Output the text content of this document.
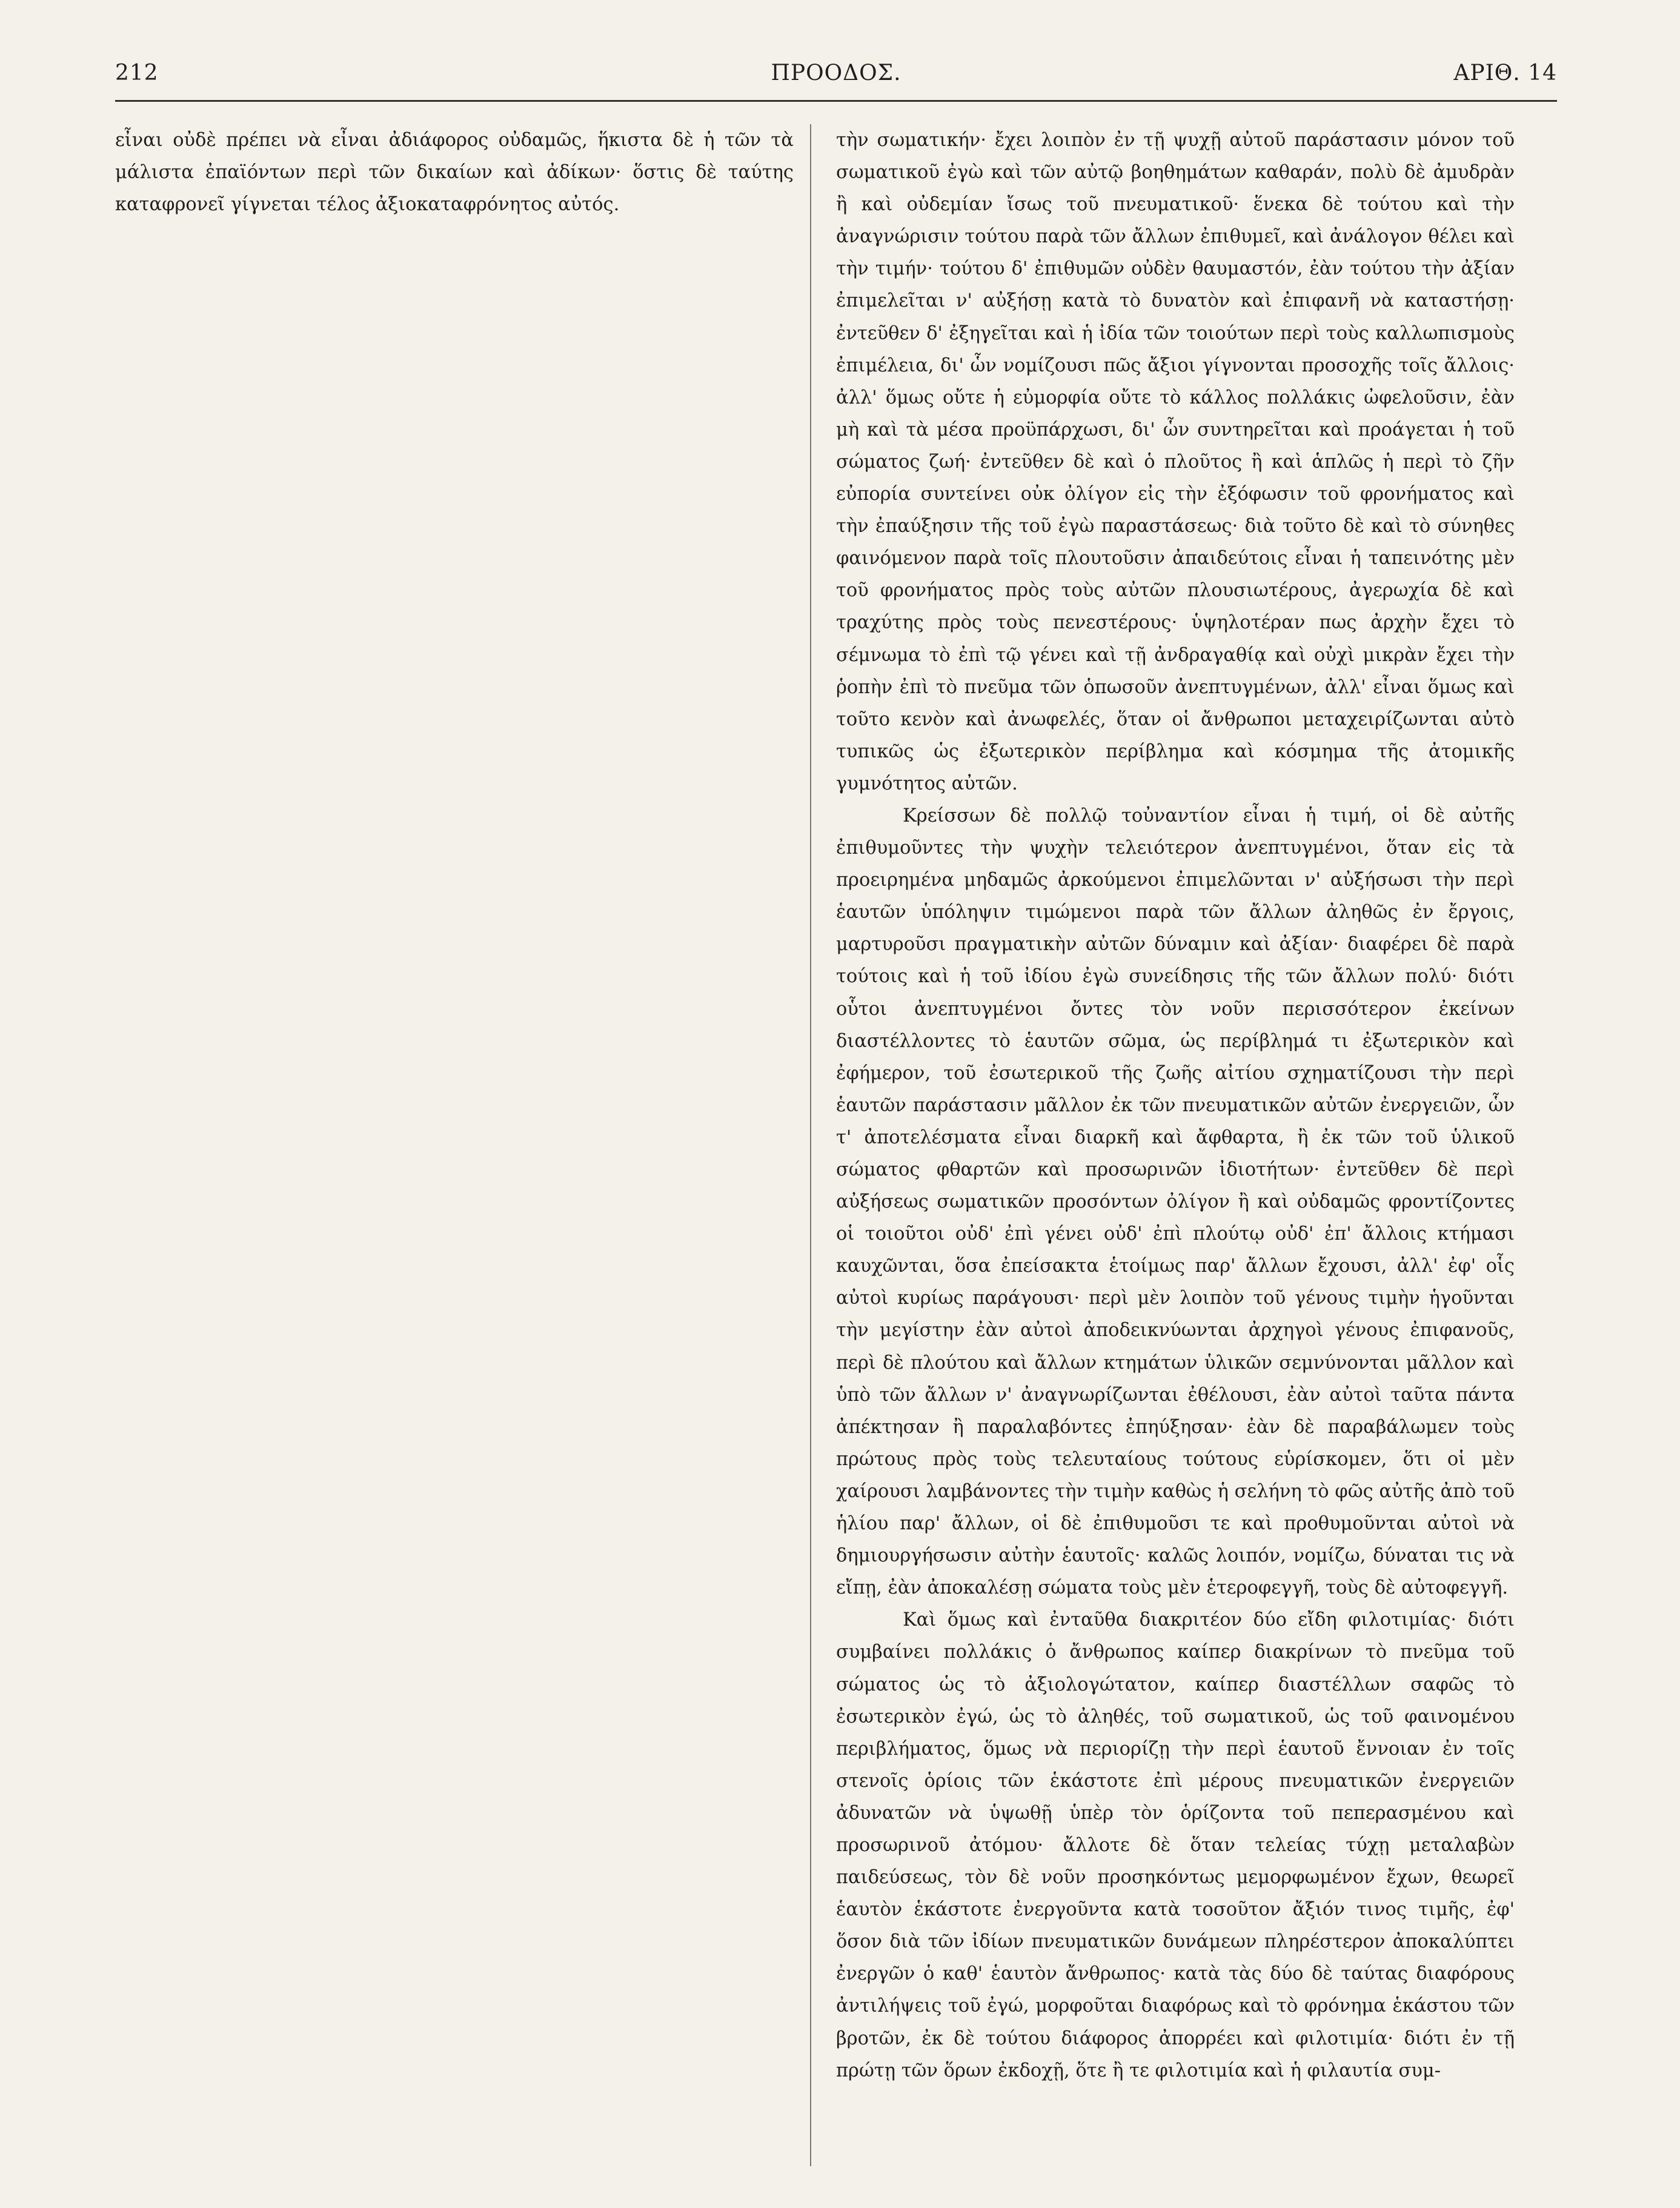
212	ΠΡΟΟΔΟΣ.	ΑΡΙΘ. 14

εἶναι οὐδὲ πρέπει νὰ εἶναι ἀδιάφορος οὐδαμῶς, ἥκιστα δὲ ἡ τῶν τὰ μάλιστα ἐπαϊόντων περὶ τῶν δικαίων καὶ ἀδίκων· ὅστις δὲ ταύτης καταφρονεῖ γίγνεται τέλος ἀξιοκαταφρόνητος αὐτός.

τὴν σωματικήν· ἔχει λοιπὸν ἐν τῇ ψυχῇ αὐτοῦ παράστασιν μόνον τοῦ σωματικοῦ ἐγὼ καὶ τῶν αὐτῷ βοηθημάτων καθαράν, πολὺ δὲ ἀμυδρὰν ἢ καὶ οὐδεμίαν ἴσως τοῦ πνευματικοῦ· ἕνεκα δὲ τούτου καὶ τὴν ἀναγνώρισιν τούτου παρὰ τῶν ἄλλων ἐπιθυμεῖ, καὶ ἀνάλογον θέλει καὶ τὴν τιμήν· τούτου δ' ἐπιθυμῶν οὐδὲν θαυμαστόν, ἐὰν τούτου τὴν ἀξίαν ἐπιμελεῖται ν' αὐξήσῃ κατὰ τὸ δυνατὸν καὶ ἐπιφανῆ νὰ καταστήσῃ· ἐντεῦθεν δ' ἐξηγεῖται καὶ ἡ ἰδία τῶν τοιούτων περὶ τοὺς καλλωπισμοὺς ἐπιμέλεια, δι' ὧν νομίζουσι πῶς ἄξιοι γίγνονται προσοχῆς τοῖς ἄλλοις· ἀλλ' ὅμως οὔτε ἡ εὐμορφία οὔτε τὸ κάλλος πολλάκις ὠφελοῦσιν, ἐὰν μὴ καὶ τὰ μέσα προϋπάρχωσι, δι' ὧν συντηρεῖται καὶ προάγεται ἡ τοῦ σώματος ζωή· ἐντεῦθεν δὲ καὶ ὁ πλοῦτος ἢ καὶ ἁπλῶς ἡ περὶ τὸ ζῆν εὐπορία συντείνει οὐκ ὀλίγον εἰς τὴν ἐξόφωσιν τοῦ φρονήματος καὶ τὴν ἐπαύξησιν τῆς τοῦ ἐγὼ παραστάσεως· διὰ τοῦτο δὲ καὶ τὸ σύνηθες φαινόμενον παρὰ τοῖς πλουτοῦσιν ἀπαιδεύτοις εἶναι ἡ ταπεινότης μὲν τοῦ φρονήματος πρὸς τοὺς αὐτῶν πλουσιωτέρους, ἀγερωχία δὲ καὶ τραχύτης πρὸς τοὺς πενεστέρους· ὑψηλοτέραν πως ἀρχὴν ἔχει τὸ σέμνωμα τὸ ἐπὶ τῷ γένει καὶ τῇ ἀνδραγαθίᾳ καὶ οὐχὶ μικρὰν ἔχει τὴν ῥοπὴν ἐπὶ τὸ πνεῦμα τῶν ὁπωσοῦν ἀνεπτυγμένων, ἀλλ' εἶναι ὅμως καὶ τοῦτο κενὸν καὶ ἀνωφελές, ὅταν οἱ ἄνθρωποι μεταχειρίζωνται αὐτὸ τυπικῶς ὡς ἐξωτερικὸν περίβλημα καὶ κόσμημα τῆς ἀτομικῆς γυμνότητος αὐτῶν.

Κρείσσων δὲ πολλῷ τοὐναντίον εἶναι ἡ τιμή, οἱ δὲ αὐτῆς ἐπιθυμοῦντες τὴν ψυχὴν τελειότερον ἀνεπτυγμένοι, ὅταν εἰς τὰ προειρημένα μηδαμῶς ἀρκούμενοι ἐπιμελῶνται ν' αὐξήσωσι τὴν περὶ ἑαυτῶν ὑπόληψιν τιμώμενοι παρὰ τῶν ἄλλων ἀληθῶς ἐν ἔργοις, μαρτυροῦσι πραγματικὴν αὐτῶν δύναμιν καὶ ἀξίαν· διαφέρει δὲ παρὰ τούτοις καὶ ἡ τοῦ ἰδίου ἐγὼ συνείδησις τῆς τῶν ἄλλων πολύ· διότι οὗτοι ἀνεπτυγμένοι ὄντες τὸν νοῦν περισσότερον ἐκείνων διαστέλλοντες τὸ ἑαυτῶν σῶμα, ὡς περίβλημά τι ἐξωτερικὸν καὶ ἐφήμερον, τοῦ ἐσωτερικοῦ τῆς ζωῆς αἰτίου σχηματίζουσι τὴν περὶ ἑαυτῶν παράστασιν μᾶλλον ἐκ τῶν πνευματικῶν αὐτῶν ἐνεργειῶν, ὧν τ' ἀποτελέσματα εἶναι διαρκῆ καὶ ἄφθαρτα, ἢ ἐκ τῶν τοῦ ὑλικοῦ σώματος φθαρτῶν καὶ προσωρινῶν ἰδιοτήτων· ἐντεῦθεν δὲ περὶ αὐξήσεως σωματικῶν προσόντων ὀλίγον ἢ καὶ οὐδαμῶς φροντίζοντες οἱ τοιοῦτοι οὐδ' ἐπὶ γένει οὐδ' ἐπὶ πλούτῳ οὐδ' ἐπ' ἄλλοις κτήμασι καυχῶνται, ὅσα ἐπείσακτα ἑτοίμως παρ' ἄλλων ἔχουσι, ἀλλ' ἐφ' οἷς αὐτοὶ κυρίως παράγουσι· περὶ μὲν λοιπὸν τοῦ γένους τιμὴν ἡγοῦνται τὴν μεγίστην ἐὰν αὐτοὶ ἀποδεικνύωνται ἀρχηγοὶ γένους ἐπιφανοῦς, περὶ δὲ πλούτου καὶ ἄλλων κτημάτων ὑλικῶν σεμνύνονται μᾶλλον καὶ ὑπὸ τῶν ἄλλων ν' ἀναγνωρίζωνται ἐθέλουσι, ἐὰν αὐτοὶ ταῦτα πάντα ἀπέκτησαν ἢ παραλαβόντες ἐπηύξησαν· ἐὰν δὲ παραβάλωμεν τοὺς πρώτους πρὸς τοὺς τελευταίους τούτους εὑρίσκομεν, ὅτι οἱ μὲν χαίρουσι λαμβάνοντες τὴν τιμὴν καθὼς ἡ σελήνη τὸ φῶς αὐτῆς ἀπὸ τοῦ ἡλίου παρ' ἄλλων, οἱ δὲ ἐπιθυμοῦσι τε καὶ προθυμοῦνται αὐτοὶ νὰ δημιουργήσωσιν αὐτὴν ἑαυτοῖς· καλῶς λοιπόν, νομίζω, δύναται τις νὰ εἴπῃ, ἐὰν ἀποκαλέσῃ σώματα τοὺς μὲν ἑτεροφεγγῆ, τοὺς δὲ αὐτοφεγγῆ.

Καὶ ὅμως καὶ ἐνταῦθα διακριτέον δύο εἴδη φιλοτιμίας· διότι συμβαίνει πολλάκις ὁ ἄνθρωπος καίπερ διακρίνων τὸ πνεῦμα τοῦ σώματος ὡς τὸ ἀξιολογώτατον, καίπερ διαστέλλων σαφῶς τὸ ἐσωτερικὸν ἐγώ, ὡς τὸ ἀληθές, τοῦ σωματικοῦ, ὡς τοῦ φαινομένου περιβλήματος, ὅμως νὰ περιορίζῃ τὴν περὶ ἑαυτοῦ ἔννοιαν ἐν τοῖς στενοῖς ὁρίοις τῶν ἑκάστοτε ἐπὶ μέρους πνευματικῶν ἐνεργειῶν ἀδυνατῶν νὰ ὑψωθῇ ὑπὲρ τὸν ὁρίζοντα τοῦ πεπερασμένου καὶ προσωρινοῦ ἀτόμου· ἄλλοτε δὲ ὅταν τελείας τύχῃ μεταλαβὼν παιδεύσεως, τὸν δὲ νοῦν προσηκόντως μεμορφωμένον ἔχων, θεωρεῖ ἑαυτὸν ἑκάστοτε ἐνεργοῦντα κατὰ τοσοῦτον ἄξιόν τινος τιμῆς, ἐφ' ὅσον διὰ τῶν ἰδίων πνευματικῶν δυνάμεων πληρέστερον ἀποκαλύπτει ἐνεργῶν ὁ καθ' ἑαυτὸν ἄνθρωπος· κατὰ τὰς δύο δὲ ταύτας διαφόρους ἀντιλήψεις τοῦ ἐγώ, μορφοῦται διαφόρως καὶ τὸ φρόνημα ἑκάστου τῶν βροτῶν, ἐκ δὲ τούτου διάφορος ἀπορρέει καὶ φιλοτιμία· διότι ἐν τῇ πρώτῃ τῶν ὅρων ἐκδοχῇ, ὅτε ἢ τε φιλοτιμία καὶ ἡ φιλαυτία συμ-
